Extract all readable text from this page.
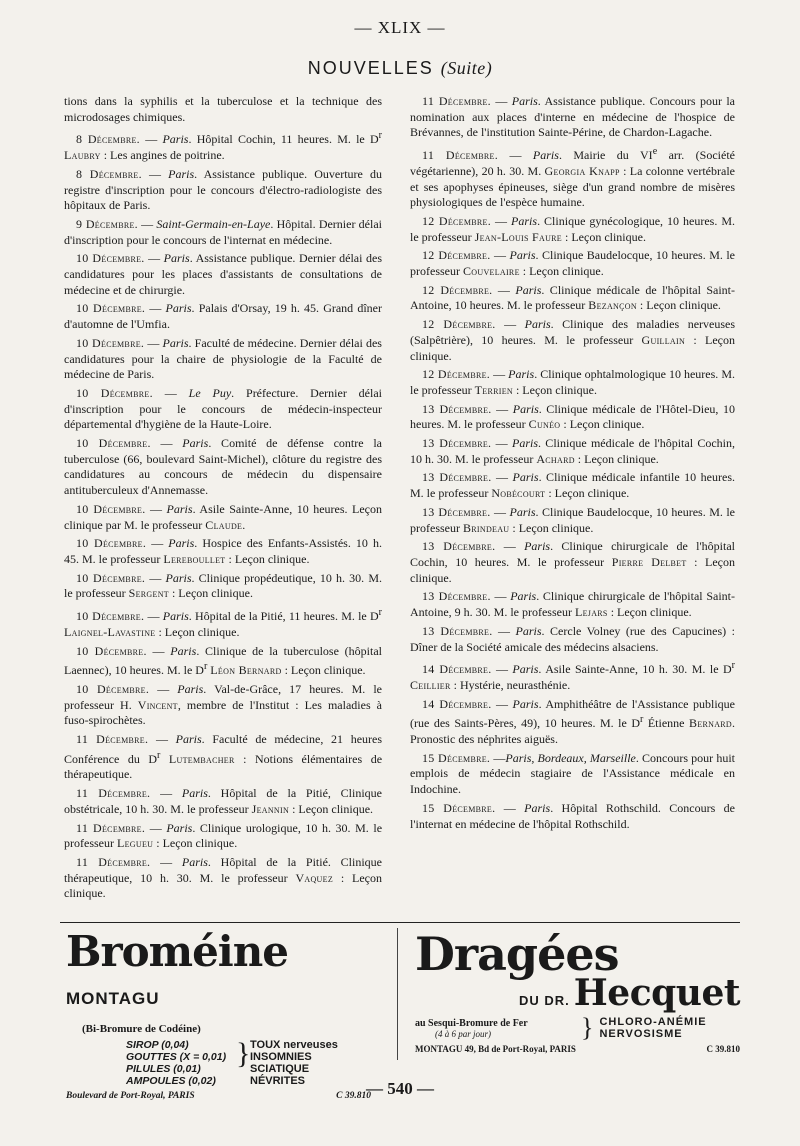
— XLIX —
NOUVELLES (Suite)

tions dans la syphilis et la tuberculose et la technique des microdosages chimiques.

8 Décembre. — Paris. Hôpital Cochin, 11 heures. M. le $D^r$ Laubry : Les angines de poitrine.

8 Décembre. — Paris. Assistance publique. Ouverture du registre d'inscription pour le concours d'électro-radiologiste des hôpitaux de Paris.

9 Décembre. — Saint-Germain-en-Laye. Hôpital. Dernier délai d'inscription pour le concours de l'internat en médecine.

10 Décembre. — Paris. Assistance publique. Dernier délai des candidatures pour les places d'assistants de consultations de médecine et de chirurgie.

10 Décembre. — Paris. Palais d'Orsay, 19 h. 45. Grand dîner d'automne de l'Umfia.

10 Décembre. — Paris. Faculté de médecine. Dernier délai des candidatures pour la chaire de physiologie de la Faculté de médecine de Paris.

10 Décembre. — Le Puy. Préfecture. Dernier délai d'inscription pour le concours de médecin-inspecteur départemental d'hygiène de la Haute-Loire.

10 Décembre. — Paris. Comité de défense contre la tuberculose (66, boulevard Saint-Michel), clôture du registre des candidatures au concours de médecin du dispensaire antituberculeux d'Annemasse.

10 Décembre. — Paris. Asile Sainte-Anne, 10 heures. Leçon clinique par M. le professeur Claude.

10 Décembre. — Paris. Hospice des Enfants-Assistés. 10 h. 45. M. le professeur Lereboullet : Leçon clinique.

10 Décembre. — Paris. Clinique propédeutique, 10 h. 30. M. le professeur Sergent : Leçon clinique.

10 Décembre. — Paris. Hôpital de la Pitié, 11 heures. M. le $D^r$ Laignel-Lavastine : Leçon clinique.

10 Décembre. — Paris. Clinique de la tuberculose (hôpital Laennec), 10 heures. M. le $D^r$ Léon Bernard : Leçon clinique.

10 Décembre. — Paris. Val-de-Grâce, 17 heures. M. le professeur H. Vincent, membre de l'Institut : Les maladies à fuso-spirochètes.

11 Décembre. — Paris. Faculté de médecine, 21 heures Conférence du $D^r$ Lutembacher : Notions élémentaires de thérapeutique.

11 Décembre. — Paris. Hôpital de la Pitié, Clinique obstétricale, 10 h. 30. M. le professeur Jeannin : Leçon clinique.

11 Décembre. — Paris. Clinique urologique, 10 h. 30. M. le professeur Legueu : Leçon clinique.

11 Décembre. — Paris. Hôpital de la Pitié. Clinique thérapeutique, 10 h. 30. M. le professeur Vaquez : Leçon clinique.

11 Décembre. — Paris. Assistance publique. Concours pour la nomination aux places d'interne en médecine de l'hospice de Brévannes, de l'institution Sainte-Périne, de Chardon-Lagache.

11 Décembre. — Paris. Mairie du VIe arr. (Société végétarienne), 20 h. 30. M. Georgia Knapp : La colonne vertébrale et ses apophyses épineuses, siège d'un grand nombre de misères physiologiques de l'espèce humaine.

12 Décembre. — Paris. Clinique gynécologique, 10 heures. M. le professeur Jean-Louis Faure : Leçon clinique.

12 Décembre. — Paris. Clinique Baudelocque, 10 heures. M. le professeur Couvelaire : Leçon clinique.

12 Décembre. — Paris. Clinique médicale de l'hôpital Saint-Antoine, 10 heures. M. le professeur Bezançon : Leçon clinique.

12 Décembre. — Paris. Clinique des maladies nerveuses (Salpêtrière), 10 heures. M. le professeur Guillain : Leçon clinique.

12 Décembre. — Paris. Clinique ophtalmologique 10 heures. M. le professeur Terrien : Leçon clinique.

13 Décembre. — Paris. Clinique médicale de l'Hôtel-Dieu, 10 heures. M. le professeur Cunéo : Leçon clinique.

13 Décembre. — Paris. Clinique médicale de l'hôpital Cochin, 10 h. 30. M. le professeur Achard : Leçon clinique.

13 Décembre. — Paris. Clinique médicale infantile 10 heures. M. le professeur Nobécourt : Leçon clinique.

13 Décembre. — Paris. Clinique Baudelocque, 10 heures. M. le professeur Brindeau : Leçon clinique.

13 Décembre. — Paris. Clinique chirurgicale de l'hôpital Cochin, 10 heures. M. le professeur Pierre Delbet : Leçon clinique.

13 Décembre. — Paris. Clinique chirurgicale de l'hôpital Saint-Antoine, 9 h. 30. M. le professeur Lejars : Leçon clinique.

13 Décembre. — Paris. Cercle Volney (rue des Capucines) : Dîner de la Société amicale des médecins alsaciens.

14 Décembre. — Paris. Asile Sainte-Anne, 10 h. 30. M. le $D^r$ Ceillier : Hystérie, neurasthénie.

14 Décembre. — Paris. Amphithéâtre de l'Assistance publique (rue des Saints-Pères, 49), 10 heures. M. le $D^r$ Étienne Bernard. Pronostic des néphrites aiguës.

15 Décembre. —Paris, Bordeaux, Marseille. Concours pour huit emplois de médecin stagiaire de l'Assistance médicale en Indochine.

15 Décembre. — Paris. Hôpital Rothschild. Concours de l'internat en médecine de l'hôpital Rothschild.

Broméine MONTAGU
(Bi-Bromure de Codéine)
SIROP (0,04)
GOUTTES (X = 0,01)
PILULES (0,01)
AMPOULES (0,02)
} TOUX nerveuses
INSOMNIES
SCIATIQUE
NÉVRITES
Boulevard de Port-Royal, PARIS	C 39.810
Dragées
DU DR. Hecquet
au Sesqui-Bromure de Fer
(4 à 6 par jour)	} CHLORO-ANÉMIE
NERVOSISME
MONTAGU 49, Bd de Port-Royal, PARIS	C 39.810
— 540 —
